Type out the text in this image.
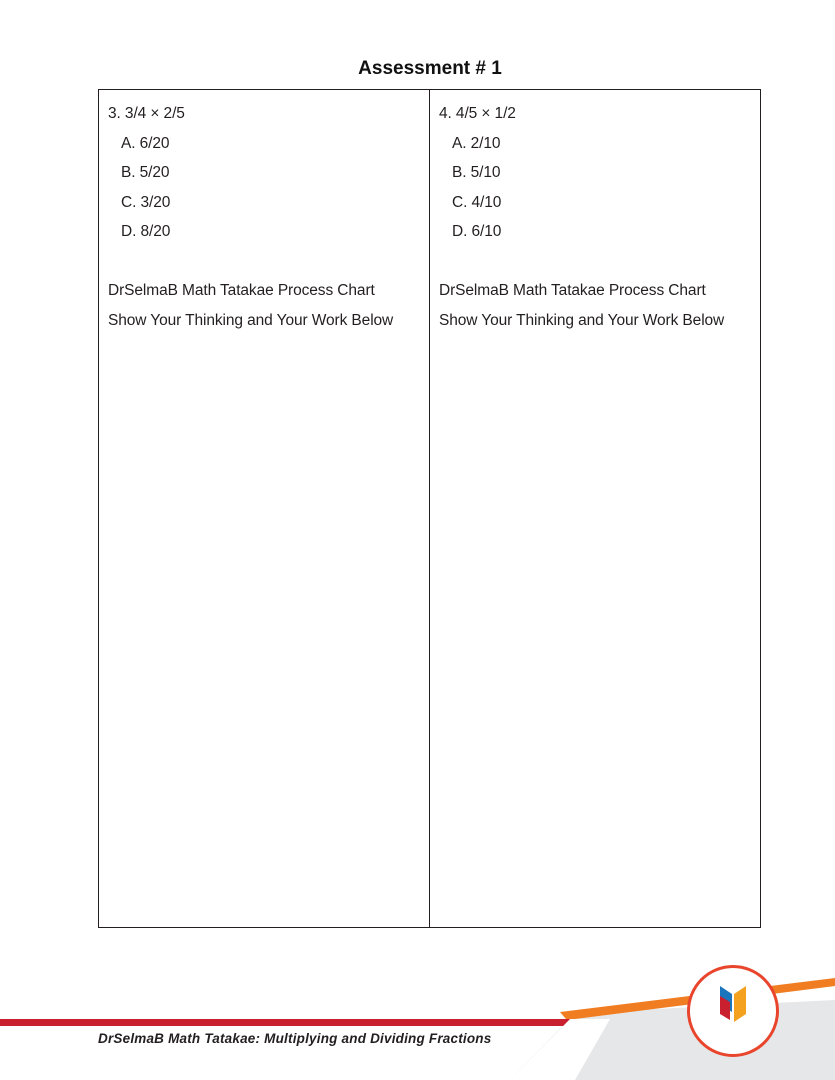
Assessment # 1
3. 3/4 × 2/5
A. 6/20
B. 5/20
C. 3/20
D. 8/20
DrSelmaB Math Tatakae Process Chart
Show Your Thinking and Your Work Below
4. 4/5 × 1/2
A. 2/10
B. 5/10
C. 4/10
D. 6/10
DrSelmaB Math Tatakae Process Chart
Show Your Thinking and Your Work Below
DrSelmaB Math Tatakae: Multiplying and Dividing Fractions
